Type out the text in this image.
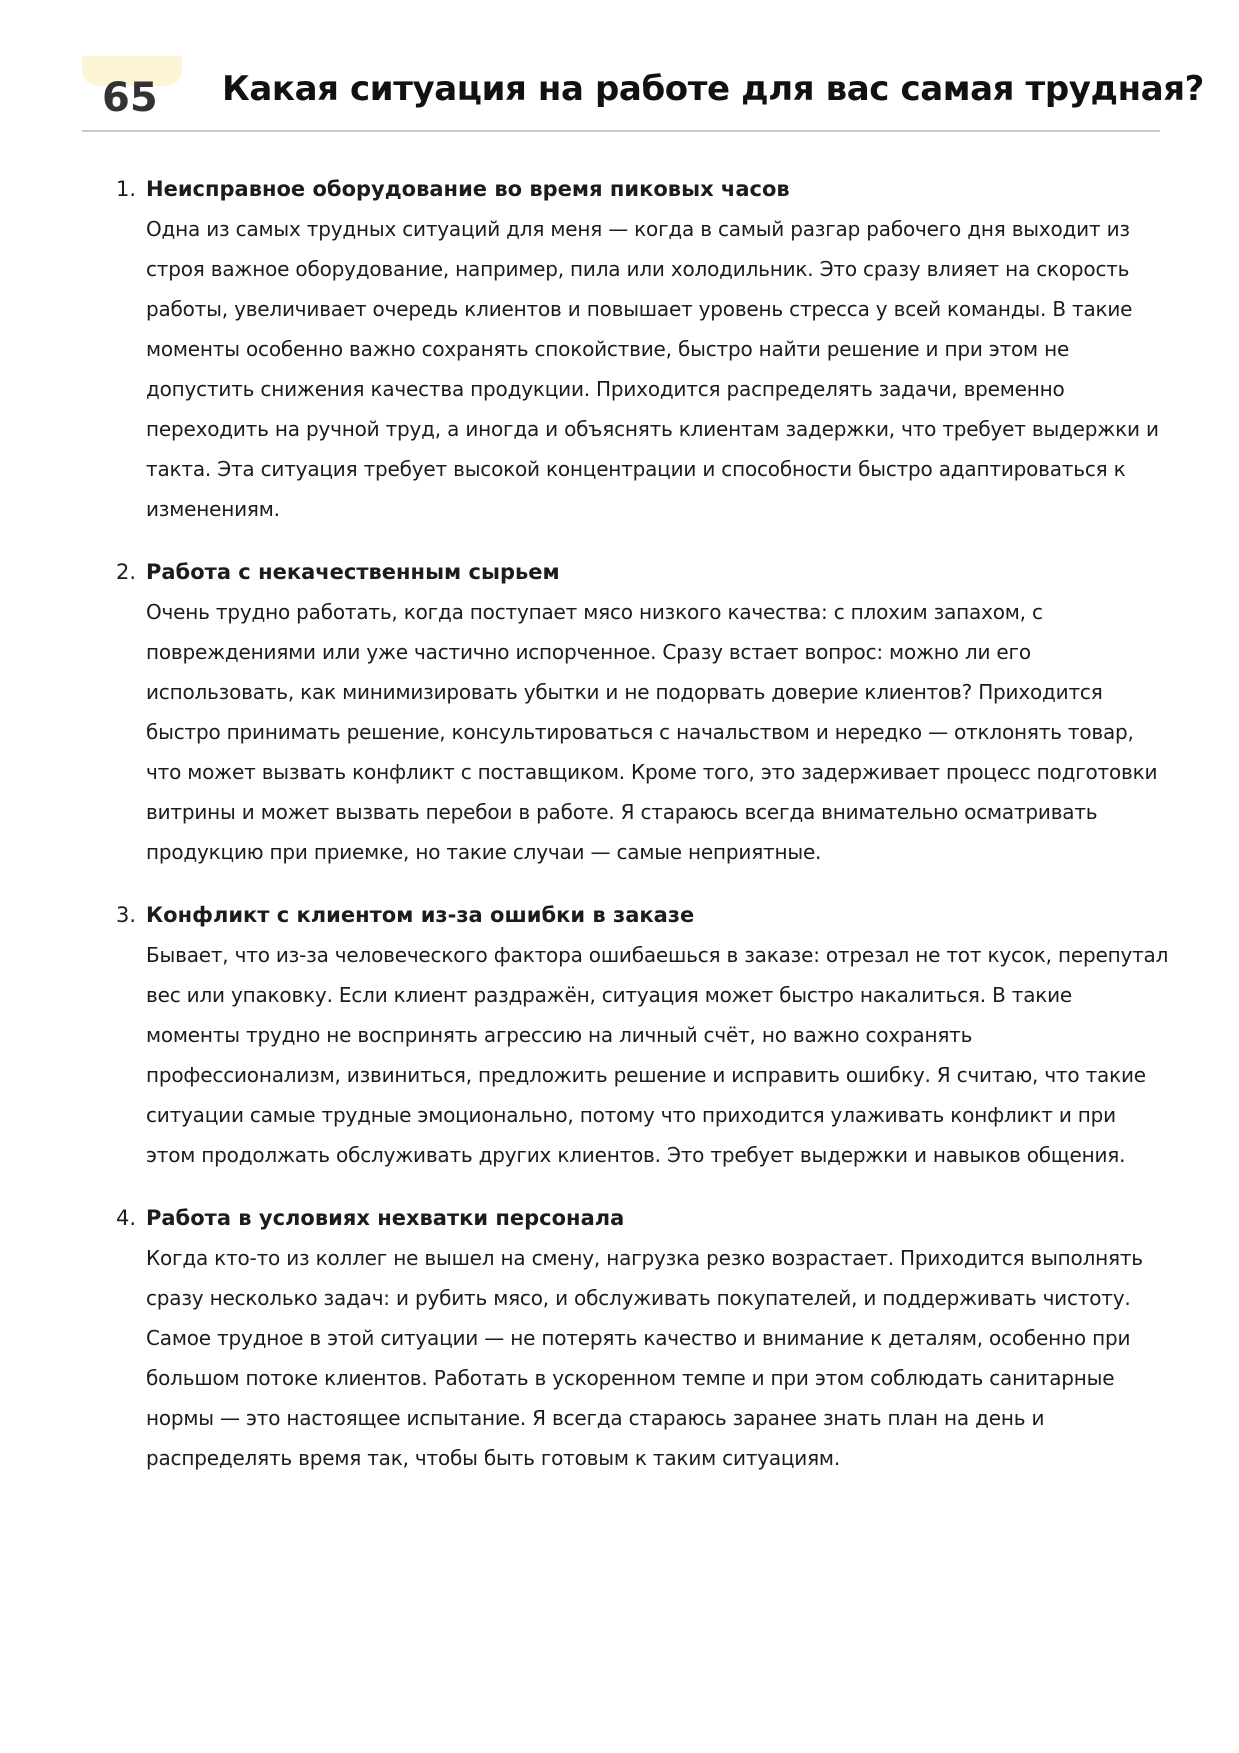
65 Какая ситуация на работе для вас самая трудная?
1. Неисправное оборудование во время пиковых часов
Одна из самых трудных ситуаций для меня — когда в самый разгар рабочего дня выходит из строя важное оборудование, например, пила или холодильник. Это сразу влияет на скорость работы, увеличивает очередь клиентов и повышает уровень стресса у всей команды. В такие моменты особенно важно сохранять спокойствие, быстро найти решение и при этом не допустить снижения качества продукции. Приходится распределять задачи, временно переходить на ручной труд, а иногда и объяснять клиентам задержки, что требует выдержки и такта. Эта ситуация требует высокой концентрации и способности быстро адаптироваться к изменениям.
2. Работа с некачественным сырьем
Очень трудно работать, когда поступает мясо низкого качества: с плохим запахом, с повреждениями или уже частично испорченное. Сразу встает вопрос: можно ли его использовать, как минимизировать убытки и не подорвать доверие клиентов? Приходится быстро принимать решение, консультироваться с начальством и нередко — отклонять товар, что может вызвать конфликт с поставщиком. Кроме того, это задерживает процесс подготовки витрины и может вызвать перебои в работе. Я стараюсь всегда внимательно осматривать продукцию при приемке, но такие случаи — самые неприятные.
3. Конфликт с клиентом из-за ошибки в заказе
Бывает, что из-за человеческого фактора ошибаешься в заказе: отрезал не тот кусок, перепутал вес или упаковку. Если клиент раздражён, ситуация может быстро накалиться. В такие моменты трудно не воспринять агрессию на личный счёт, но важно сохранять профессионализм, извиниться, предложить решение и исправить ошибку. Я считаю, что такие ситуации самые трудные эмоционально, потому что приходится улаживать конфликт и при этом продолжать обслуживать других клиентов. Это требует выдержки и навыков общения.
4. Работа в условиях нехватки персонала
Когда кто-то из коллег не вышел на смену, нагрузка резко возрастает. Приходится выполнять сразу несколько задач: и рубить мясо, и обслуживать покупателей, и поддерживать чистоту. Самое трудное в этой ситуации — не потерять качество и внимание к деталям, особенно при большом потоке клиентов. Работать в ускоренном темпе и при этом соблюдать санитарные нормы — это настоящее испытание. Я всегда стараюсь заранее знать план на день и распределять время так, чтобы быть готовым к таким ситуациям.
